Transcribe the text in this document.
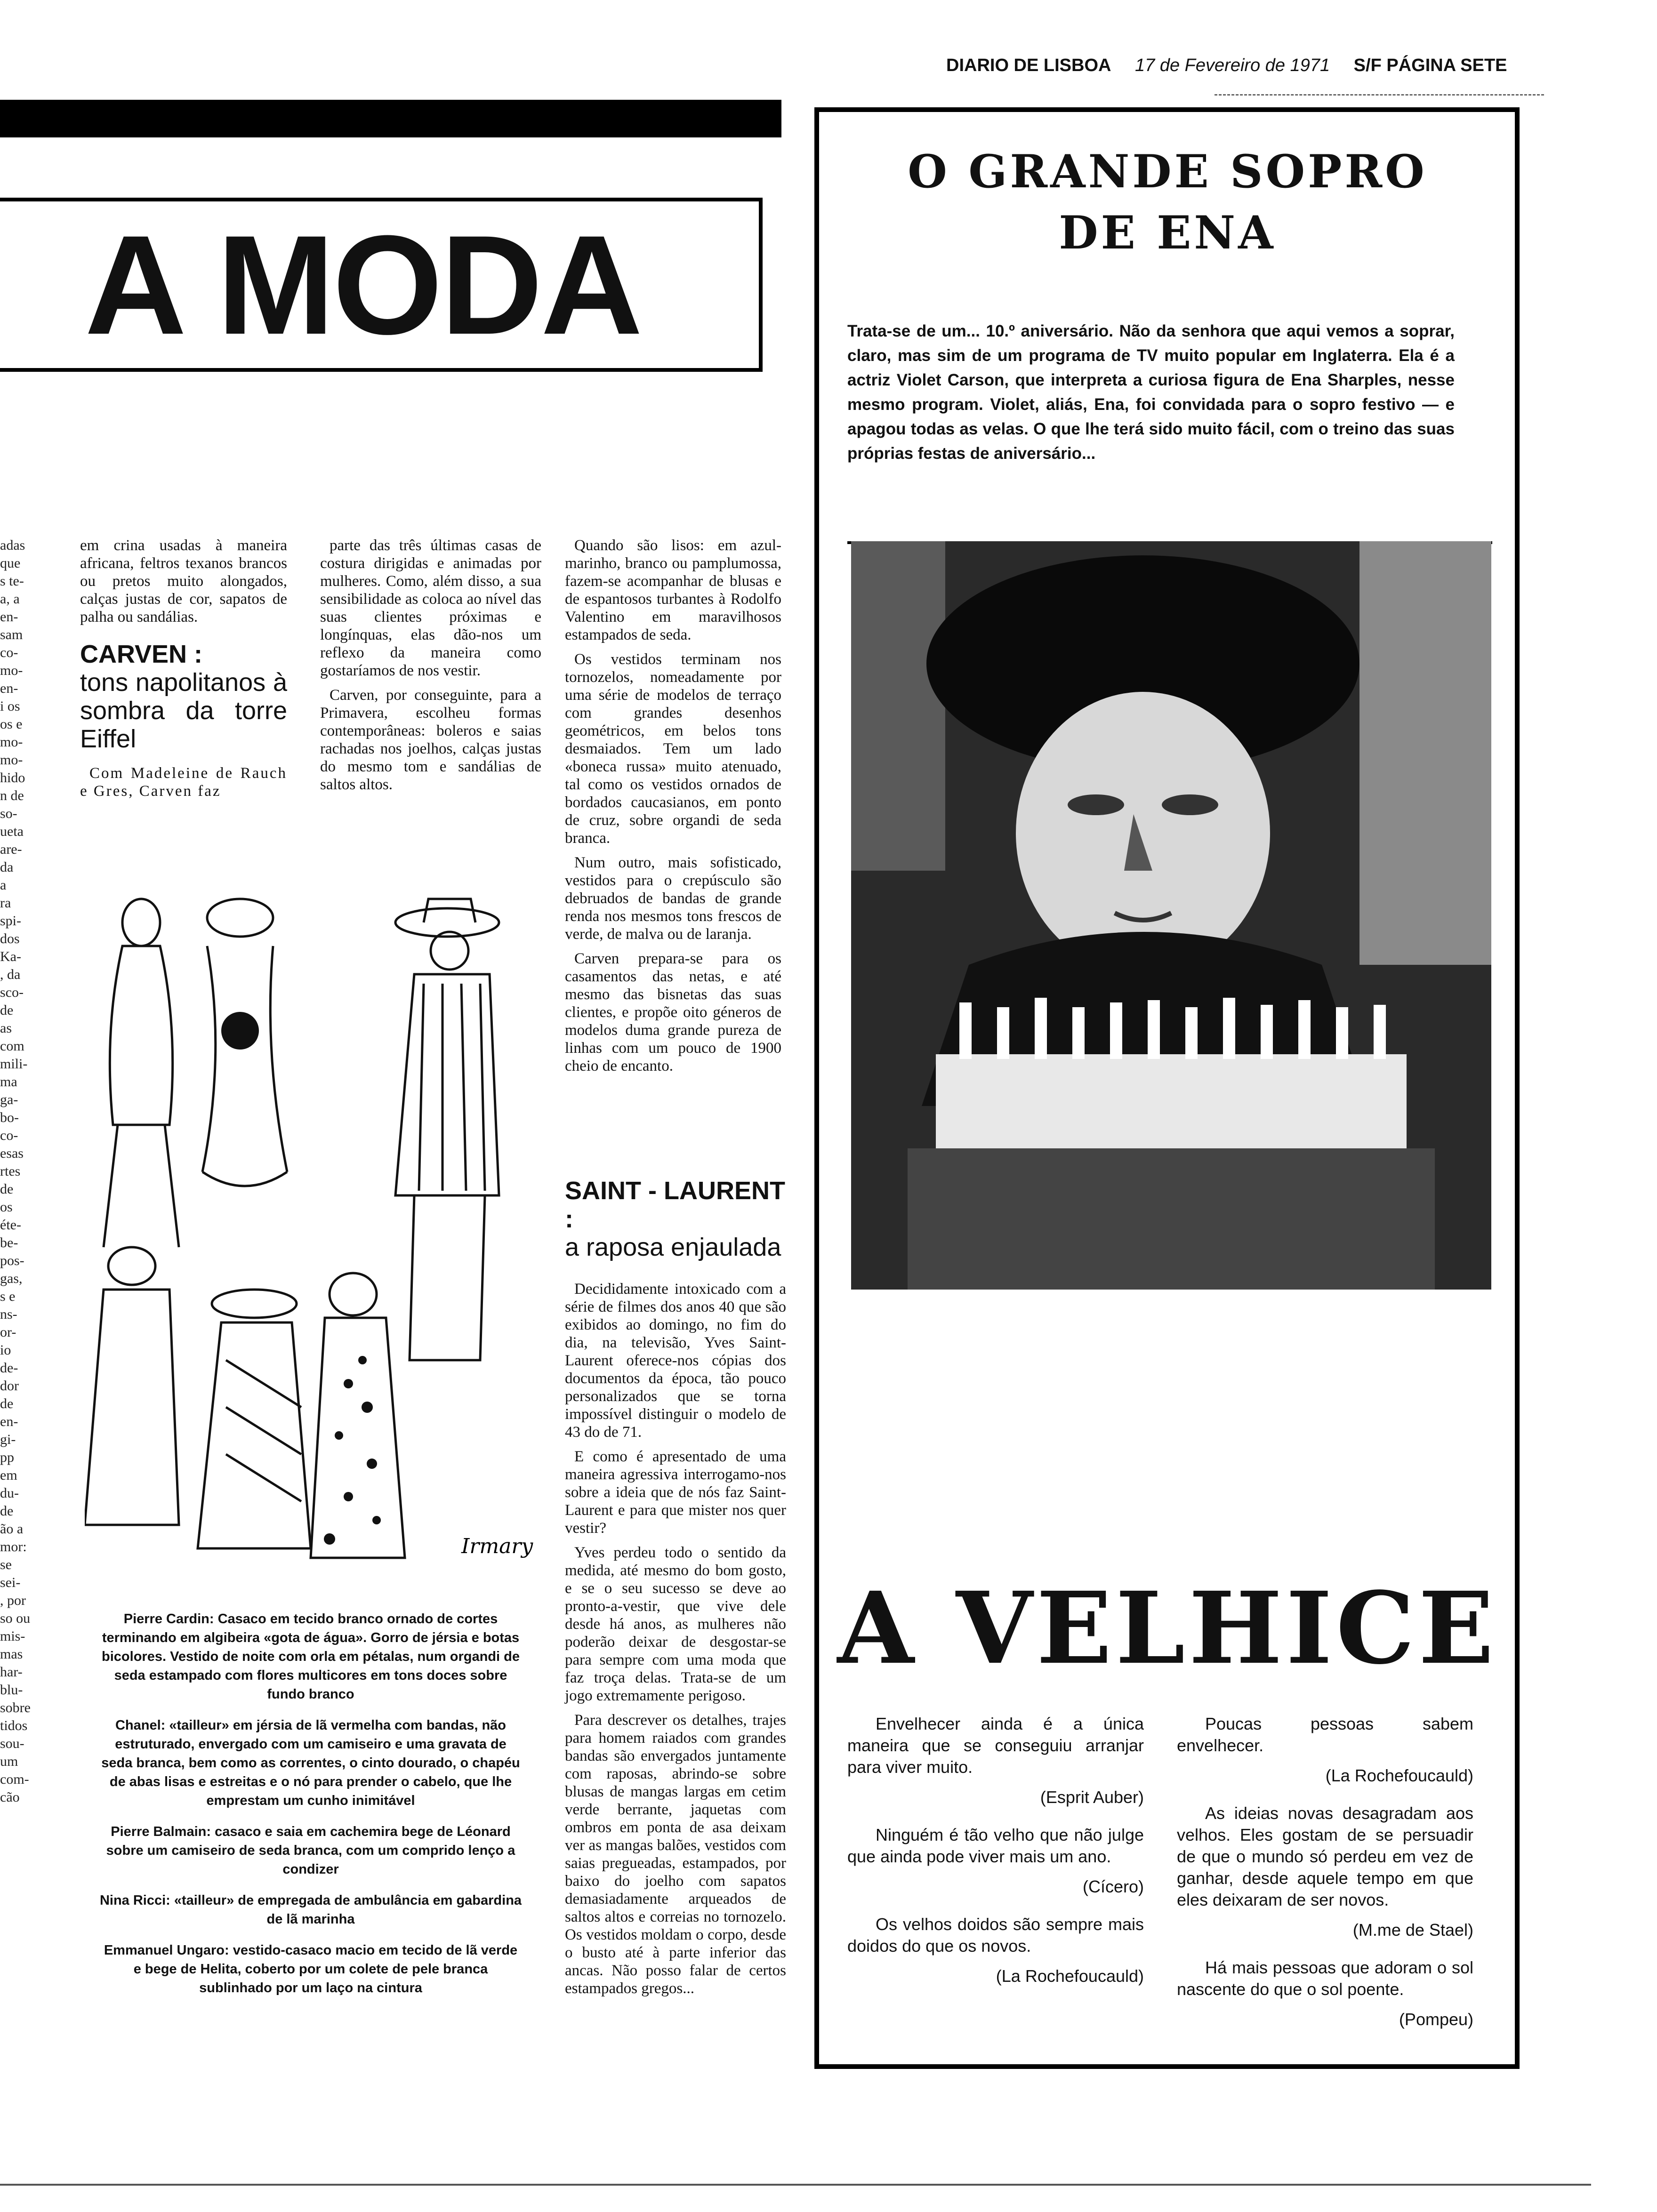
DIARIO DE LISBOA 17 de Fevereiro de 1971 S/F PÁGINA SETE
adas
que
s te-
a, a
en-
sam
co-
mo-
en-
i os
os e
mo-
mo-
hido
n de
so-
ueta
are-
da
a
ra
spi-
dos
Ka-
, da
sco-
de
as
com
mili-
ma
ga-
bo-
co-
esas
rtes
de
os
éte-
be-
pos-
gas,
s e
ns-
or-
io
de-
dor
de
en-
gi-
pp
em
du-
de
ão a
mor:
se
sei-
, por
so ou
mis-
mas
har-
blu-
sobre
tidos
sou-
um
com-
cão
A MODA

em crina usadas à maneira africana, feltros texanos brancos ou pretos muito alongados, calças justas de cor, sapatos de palha ou sandálias.

CARVEN :
tons napolitanos à sombra da torre Eiffel

Com Madeleine de Rauch e Gres, Carven faz

parte das três últimas casas de costura dirigidas e animadas por mulheres. Como, além disso, a sua sensibilidade as coloca ao nível das suas clientes próximas e longínquas, elas dão-nos um reflexo da maneira como gostaríamos de nos vestir.

Carven, por conseguinte, para a Primavera, escolheu formas contemporâneas: boleros e saias rachadas nos joelhos, calças justas do mesmo tom e sandálias de saltos altos.

Quando são lisos: em azul-marinho, branco ou pamplumossa, fazem-se acompanhar de blusas e de espantosos turbantes à Rodolfo Valentino em maravilhosos estampados de seda.

Os vestidos terminam nos tornozelos, nomeadamente por uma série de modelos de terraço com grandes desenhos geométricos, em belos tons desmaiados. Tem um lado «boneca russa» muito atenuado, tal como os vestidos ornados de bordados caucasianos, em ponto de cruz, sobre organdi de seda branca.

Num outro, mais sofisticado, vestidos para o crepúsculo são debruados de bandas de grande renda nos mesmos tons frescos de verde, de malva ou de laranja.

Carven prepara-se para os casamentos das netas, e até mesmo das bisnetas das suas clientes, e propõe oito géneros de modelos duma grande pureza de linhas com um pouco de 1900 cheio de encanto.

Irmary

Pierre Cardin: Casaco em tecido branco ornado de cortes terminando em algibeira «gota de água». Gorro de jérsia e botas bicolores. Vestido de noite com orla em pétalas, num organdi de seda estampado com flores multicores em tons doces sobre fundo branco

Chanel: «tailleur» em jérsia de lã vermelha com bandas, não estruturado, envergado com um camiseiro e uma gravata de seda branca, bem como as correntes, o cinto dourado, o chapéu de abas lisas e estreitas e o nó para prender o cabelo, que lhe emprestam um cunho inimitável

Pierre Balmain: casaco e saia em cachemira bege de Léonard sobre um camiseiro de seda branca, com um comprido lenço a condizer

Nina Ricci: «tailleur» de empregada de ambulância em gabardina de lã marinha

Emmanuel Ungaro: vestido-casaco macio em tecido de lã verde e bege de Helita, coberto por um colete de pele branca sublinhado por um laço na cintura

SAINT - LAURENT :
a raposa enjaulada

Decididamente intoxicado com a série de filmes dos anos 40 que são exibidos ao domingo, no fim do dia, na televisão, Yves Saint-Laurent oferece-nos cópias dos documentos da época, tão pouco personalizados que se torna impossível distinguir o modelo de 43 do de 71.

E como é apresentado de uma maneira agressiva interrogamo-nos sobre a ideia que de nós faz Saint-Laurent e para que mister nos quer vestir?

Yves perdeu todo o sentido da medida, até mesmo do bom gosto, e se o seu sucesso se deve ao pronto-a-vestir, que vive dele desde há anos, as mulheres não poderão deixar de desgostar-se para sempre com uma moda que faz troça delas. Trata-se de um jogo extremamente perigoso.

Para descrever os detalhes, trajes para homem raiados com grandes bandas são envergados juntamente com raposas, abrindo-se sobre blusas de mangas largas em cetim verde berrante, jaquetas com ombros em ponta de asa deixam ver as mangas balões, vestidos com saias pregueadas, estampados, por baixo do joelho com sapatos demasiadamente arqueados de saltos altos e correias no tornozelo. Os vestidos moldam o corpo, desde o busto até à parte inferior das ancas. Não posso falar de certos estampados gregos...

O GRANDE SOPRO
DE ENA
Trata-se de um... 10.º aniversário. Não da senhora que aqui vemos a soprar, claro, mas sim de um programa de TV muito popular em Inglaterra. Ela é a actriz Violet Carson, que interpreta a curiosa figura de Ena Sharples, nesse mesmo program. Violet, aliás, Ena, foi convidada para o sopro festivo — e apagou todas as velas. O que lhe terá sido muito fácil, com o treino das suas próprias festas de aniversário...
A VELHICE

Envelhecer ainda é a única maneira que se conseguiu arranjar para viver muito.

(Esprit Auber)

Ninguém é tão velho que não julge que ainda pode viver mais um ano.

(Cícero)

Os velhos doidos são sempre mais doidos do que os novos.

(La Rochefoucauld)

Poucas pessoas sabem envelhecer.

(La Rochefoucauld)

As ideias novas desagradam aos velhos. Eles gostam de se persuadir de que o mundo só perdeu em vez de ganhar, desde aquele tempo em que eles deixaram de ser novos.

(M.me de Stael)

Há mais pessoas que adoram o sol nascente do que o sol poente.

(Pompeu)
